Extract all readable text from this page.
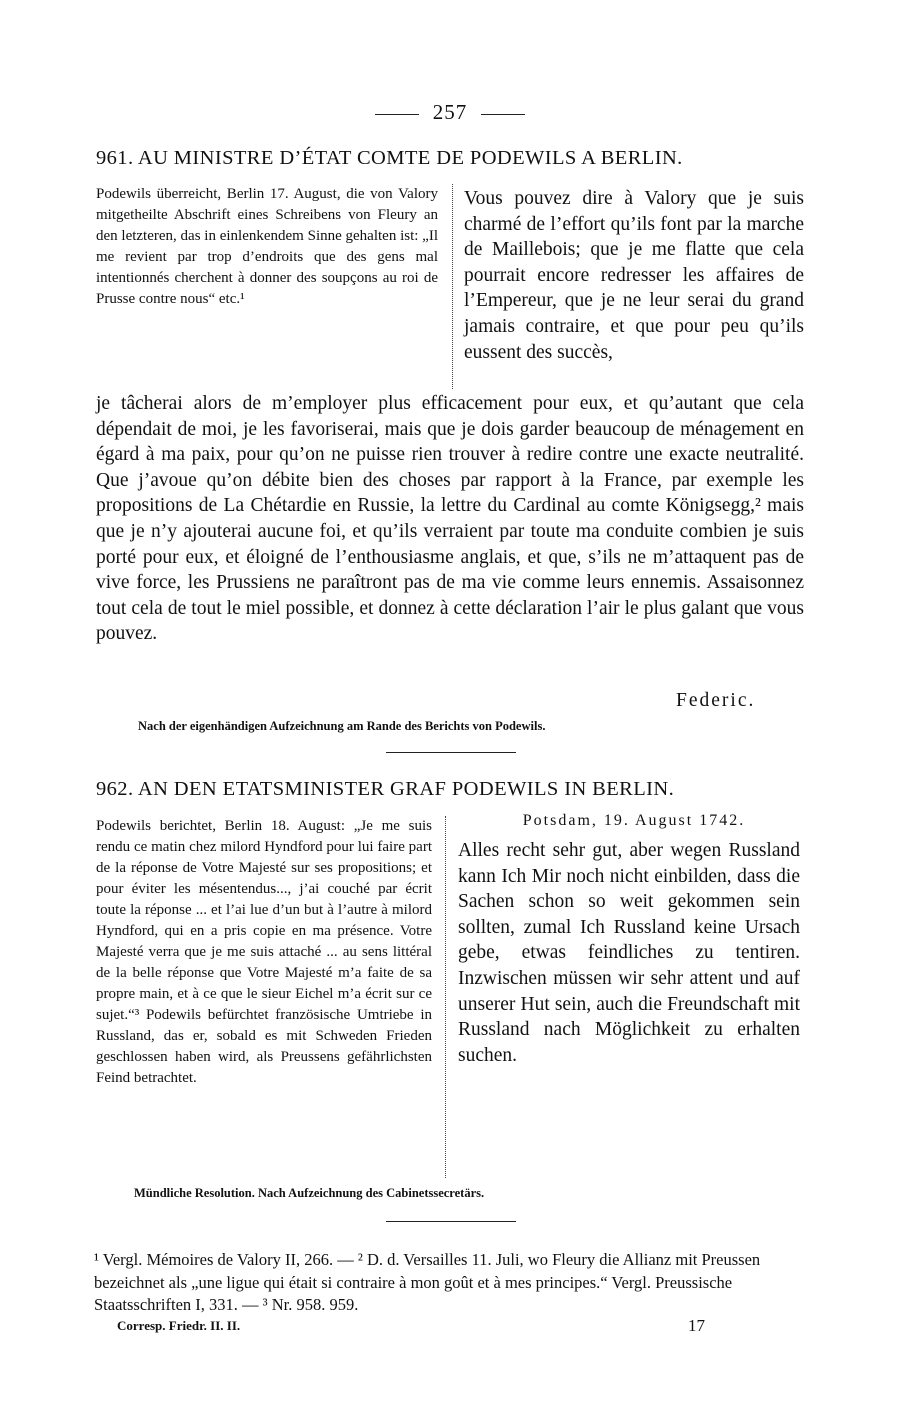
257
961. AU MINISTRE D’ÉTAT COMTE DE PODEWILS A BERLIN.

Podewils überreicht, Berlin 17. August, die von Valory mitgetheilte Abschrift eines Schreibens von Fleury an den letzteren, das in einlenkendem Sinne gehalten ist: „Il me revient par trop d’endroits que des gens mal intentionnés cherchent à donner des soupçons au roi de Prusse contre nous“ etc.¹

Vous pouvez dire à Valory que je suis charmé de l’effort qu’ils font par la marche de Maillebois; que je me flatte que cela pourrait encore redresser les affaires de l’Empereur, que je ne leur serai du grand jamais contraire, et que pour peu qu’ils eussent des succès,
je tâcherai alors de m’employer plus efficacement pour eux, et qu’autant que cela dépendait de moi, je les favoriserai, mais que je dois garder beaucoup de ménagement en égard à ma paix, pour qu’on ne puisse rien trouver à redire contre une exacte neutralité. Que j’avoue qu’on débite bien des choses par rapport à la France, par exemple les propositions de La Chétardie en Russie, la lettre du Cardinal au comte Königsegg,² mais que je n’y ajouterai aucune foi, et qu’ils verraient par toute ma conduite combien je suis porté pour eux, et éloigné de l’enthousiasme anglais, et que, s’ils ne m’attaquent pas de vive force, les Prussiens ne paraîtront pas de ma vie comme leurs ennemis. Assaisonnez tout cela de tout le miel possible, et donnez à cette déclaration l’air le plus galant que vous pouvez.
Federic.
Nach der eigenhändigen Aufzeichnung am Rande des Berichts von Podewils.
962. AN DEN ETATSMINISTER GRAF PODEWILS IN BERLIN.

Podewils berichtet, Berlin 18. August: „Je me suis rendu ce matin chez milord Hyndford pour lui faire part de la réponse de Votre Majesté sur ses propositions; et pour éviter les mésentendus..., j’ai couché par écrit toute la réponse ... et l’ai lue d’un but à l’autre à milord Hyndford, qui en a pris copie en ma présence. Votre Majesté verra que je me suis attaché ... au sens littéral de la belle réponse que Votre Majesté m’a faite de sa propre main, et à ce que le sieur Eichel m’a écrit sur ce sujet.“³ Podewils befürchtet französische Umtriebe in Russland, das er, sobald es mit Schweden Frieden geschlossen haben wird, als Preussens gefährlichsten Feind betrachtet.

Potsdam, 19. August 1742.
Alles recht sehr gut, aber wegen Russland kann Ich Mir noch nicht einbilden, dass die Sachen schon so weit gekommen sein sollten, zumal Ich Russland keine Ursach gebe, etwas feindliches zu tentiren. Inzwischen müssen wir sehr attent und auf unserer Hut sein, auch die Freundschaft mit Russland nach Möglichkeit zu erhalten suchen.
Mündliche Resolution. Nach Aufzeichnung des Cabinetssecretärs.
¹ Vergl. Mémoires de Valory II, 266. — ² D. d. Versailles 11. Juli, wo Fleury die Allianz mit Preussen bezeichnet als „une ligue qui était si contraire à mon goût et à mes principes.“ Vergl. Preussische Staatsschriften I, 331. — ³ Nr. 958. 959.
Corresp. Friedr. II. II.	17
